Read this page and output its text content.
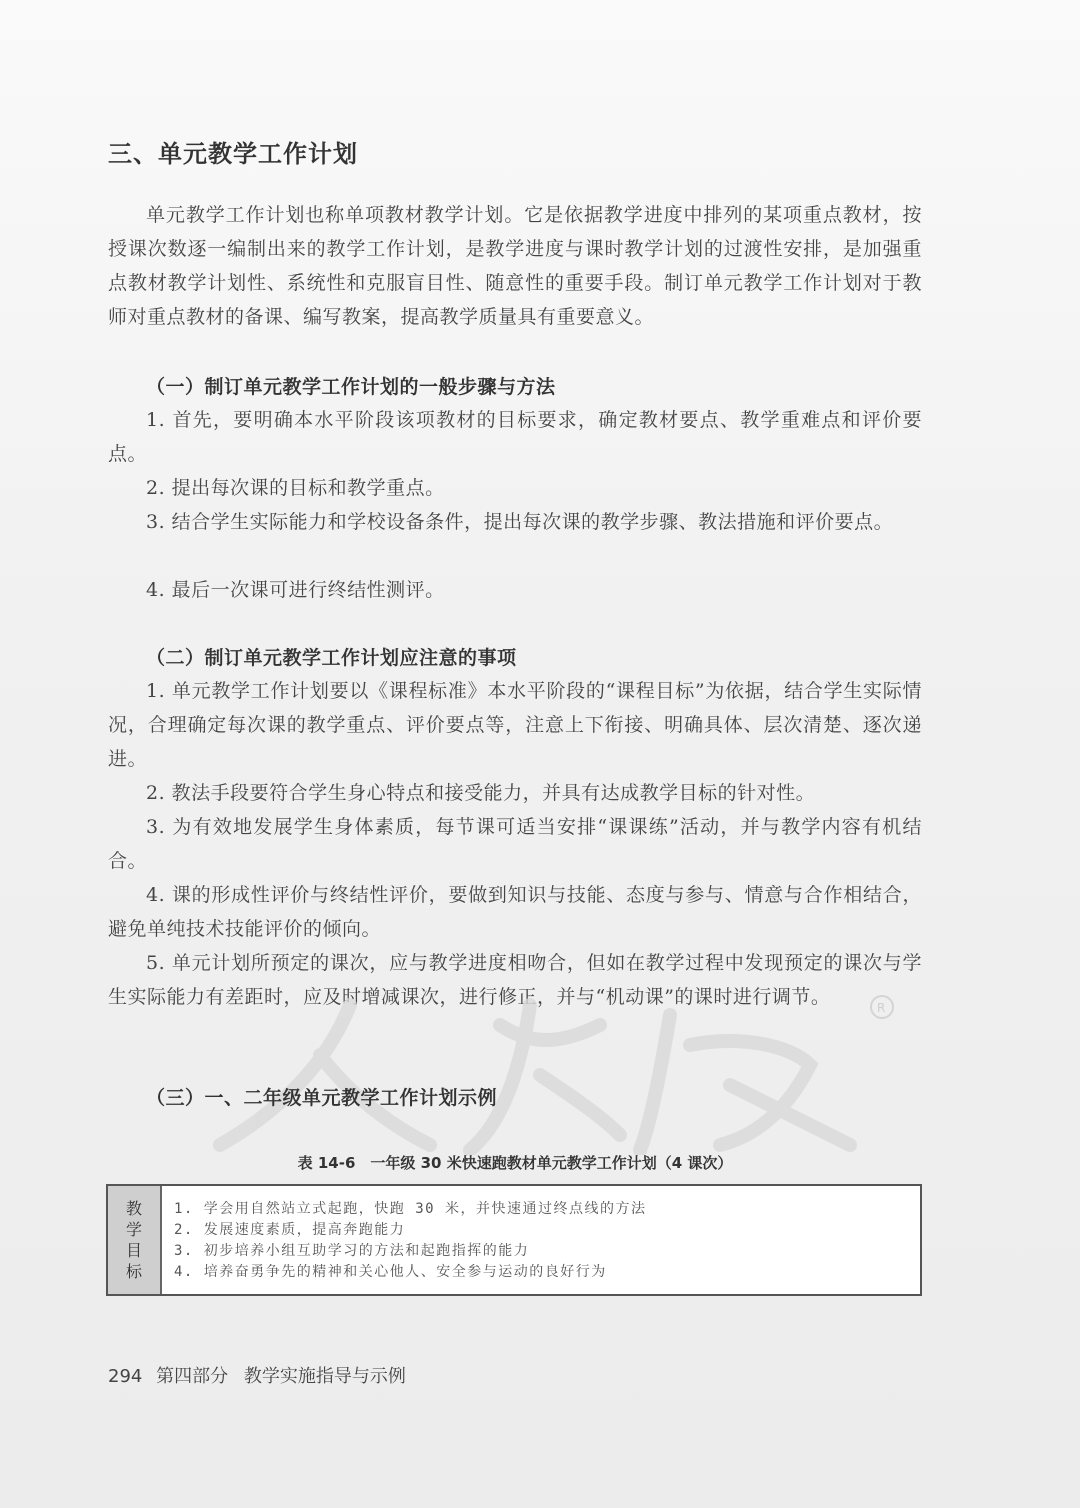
三、单元教学工作计划
单元教学工作计划也称单项教材教学计划。它是依据教学进度中排列的某项重点教材，按授课次数逐一编制出来的教学工作计划，是教学进度与课时教学计划的过渡性安排，是加强重点教材教学计划性、系统性和克服盲目性、随意性的重要手段。制订单元教学工作计划对于教师对重点教材的备课、编写教案，提高教学质量具有重要意义。
（一）制订单元教学工作计划的一般步骤与方法
1. 首先，要明确本水平阶段该项教材的目标要求，确定教材要点、教学重难点和评价要点。
2. 提出每次课的目标和教学重点。
3. 结合学生实际能力和学校设备条件，提出每次课的教学步骤、教法措施和评价要点。
4. 最后一次课可进行终结性测评。
（二）制订单元教学工作计划应注意的事项
1. 单元教学工作计划要以《课程标准》本水平阶段的“课程目标”为依据，结合学生实际情况，合理确定每次课的教学重点、评价要点等，注意上下衔接、明确具体、层次清楚、逐次递进。
2. 教法手段要符合学生身心特点和接受能力，并具有达成教学目标的针对性。
3. 为有效地发展学生身体素质，每节课可适当安排“课课练”活动，并与教学内容有机结合。
4. 课的形成性评价与终结性评价，要做到知识与技能、态度与参与、情意与合作相结合，避免单纯技术技能评价的倾向。
5. 单元计划所预定的课次，应与教学进度相吻合，但如在教学过程中发现预定的课次与学生实际能力有差距时，应及时增减课次，进行修正，并与“机动课”的课时进行调节。	R
（三）一、二年级单元教学工作计划示例
表 14-6　一年级 30 米快速跑教材单元教学工作计划（4 课次）
教
学
目
标
1. 学会用自然站立式起跑，快跑 30 米，并快速通过终点线的方法
2. 发展速度素质，提高奔跑能力
3. 初步培养小组互助学习的方法和起跑指挥的能力
4. 培养奋勇争先的精神和关心他人、安全参与运动的良好行为
294 第四部分 教学实施指导与示例
